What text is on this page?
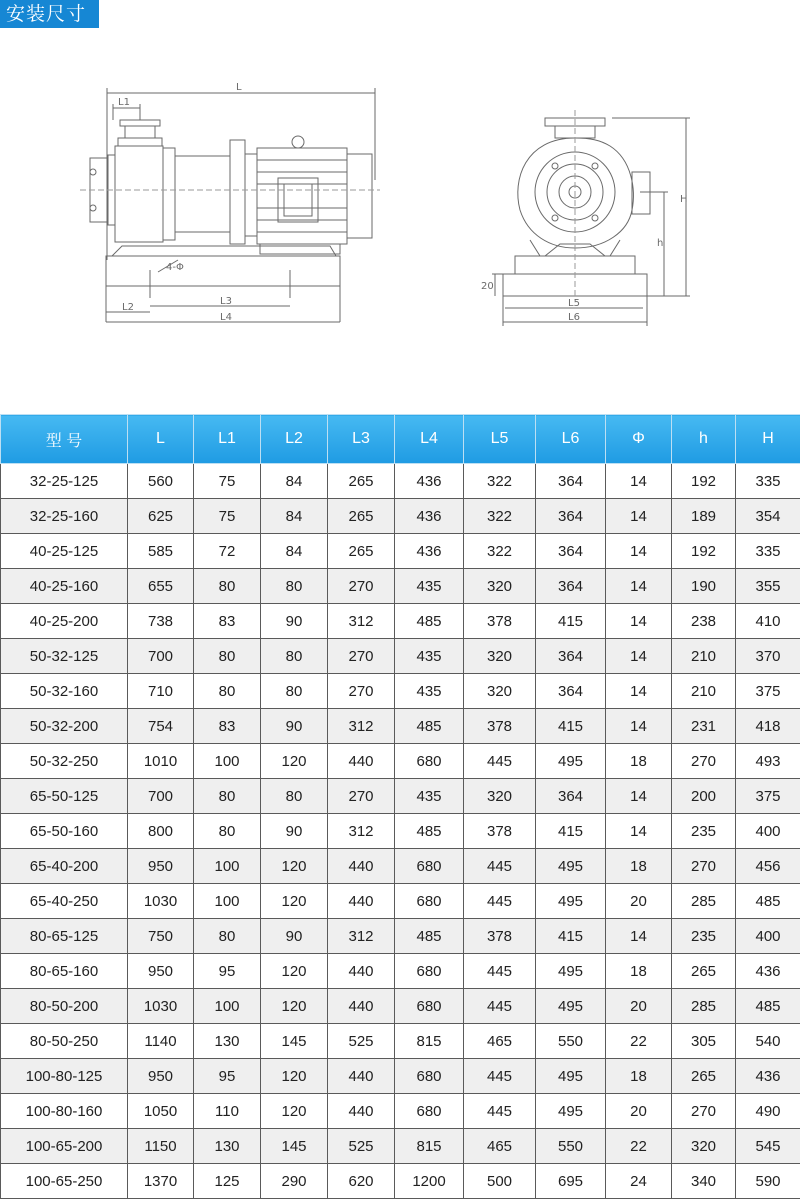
安装尺寸
L
L1
L2
L3
L4
4-Φ
H
h
20
L5
L6
型 号	L	L1	L2	L3	L4	L5	L6	Φ	h	H
32-25-125	560	75	84	265	436	322	364	14	192	335
32-25-160	625	75	84	265	436	322	364	14	189	354
40-25-125	585	72	84	265	436	322	364	14	192	335
40-25-160	655	80	80	270	435	320	364	14	190	355
40-25-200	738	83	90	312	485	378	415	14	238	410
50-32-125	700	80	80	270	435	320	364	14	210	370
50-32-160	710	80	80	270	435	320	364	14	210	375
50-32-200	754	83	90	312	485	378	415	14	231	418
50-32-250	1010	100	120	440	680	445	495	18	270	493
65-50-125	700	80	80	270	435	320	364	14	200	375
65-50-160	800	80	90	312	485	378	415	14	235	400
65-40-200	950	100	120	440	680	445	495	18	270	456
65-40-250	1030	100	120	440	680	445	495	20	285	485
80-65-125	750	80	90	312	485	378	415	14	235	400
80-65-160	950	95	120	440	680	445	495	18	265	436
80-50-200	1030	100	120	440	680	445	495	20	285	485
80-50-250	1140	130	145	525	815	465	550	22	305	540
100-80-125	950	95	120	440	680	445	495	18	265	436
100-80-160	1050	110	120	440	680	445	495	20	270	490
100-65-200	1150	130	145	525	815	465	550	22	320	545
100-65-250	1370	125	290	620	1200	500	695	24	340	590
